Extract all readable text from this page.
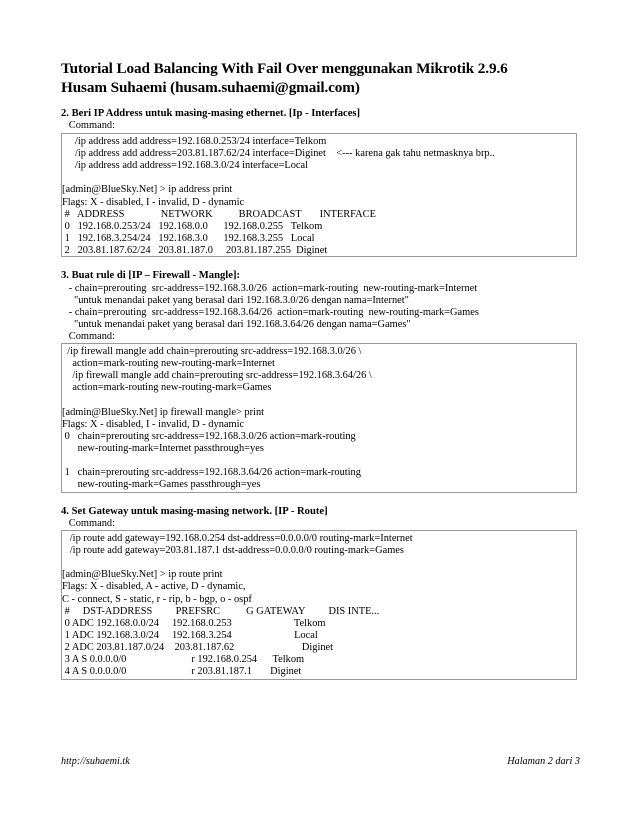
Tutorial Load Balancing With Fail Over menggunakan Mikrotik 2.9.6
Husam Suhaemi (husam.suhaemi@gmail.com)
2. Beri IP Address untuk masing-masing ethernet. [Ip - Interfaces]
Command:
/ip address add address=192.168.0.253/24 interface=Telkom
/ip address add address=203.81.187.62/24 interface=Diginet    <--- karena gak tahu netmasknya brp..
/ip address add address=192.168.3.0/24 interface=Local
[admin@BlueSky.Net] > ip address print
Flags: X - disabled, I - invalid, D - dynamic
#   ADDRESS              NETWORK          BROADCAST       INTERFACE
0   192.168.0.253/24   192.168.0.0      192.168.0.255   Telkom
1   192.168.3.254/24   192.168.3.0      192.168.3.255   Local
2   203.81.187.62/24   203.81.187.0     203.81.187.255  Diginet
3. Buat rule di [IP – Firewall - Mangle]:
- chain=prerouting  src-address=192.168.3.0/26  action=mark-routing  new-routing-mark=Internet
"untuk menandai paket yang berasal dari 192.168.3.0/26 dengan nama=Internet"
- chain=prerouting  src-address=192.168.3.64/26  action=mark-routing  new-routing-mark=Games
"untuk menandai paket yang berasal dari 192.168.3.64/26 dengan nama=Games"
Command:
/ip firewall mangle add chain=prerouting src-address=192.168.3.0/26 \
action=mark-routing new-routing-mark=Internet
/ip firewall mangle add chain=prerouting src-address=192.168.3.64/26 \
action=mark-routing new-routing-mark=Games
[admin@BlueSky.Net] ip firewall mangle> print
Flags: X - disabled, I - invalid, D - dynamic
0   chain=prerouting src-address=192.168.3.0/26 action=mark-routing
new-routing-mark=Internet passthrough=yes
1   chain=prerouting src-address=192.168.3.64/26 action=mark-routing
new-routing-mark=Games passthrough=yes
4. Set Gateway untuk masing-masing network. [IP - Route]
Command:
/ip route add gateway=192.168.0.254 dst-address=0.0.0.0/0 routing-mark=Internet
/ip route add gateway=203.81.187.1 dst-address=0.0.0.0/0 routing-mark=Games
[admin@BlueSky.Net] > ip route print
Flags: X - disabled, A - active, D - dynamic,
C - connect, S - static, r - rip, b - bgp, o - ospf
#     DST-ADDRESS         PREFSRC          G GATEWAY         DIS INTE...
0 ADC 192.168.0.0/24     192.168.0.253                        Telkom
1 ADC 192.168.3.0/24     192.168.3.254                        Local
2 ADC 203.81.187.0/24    203.81.187.62                          Diginet
3 A S 0.0.0.0/0                         r 192.168.0.254      Telkom
4 A S 0.0.0.0/0                         r 203.81.187.1       Diginet
http://suhaemi.tk	Halaman 2 dari 3
